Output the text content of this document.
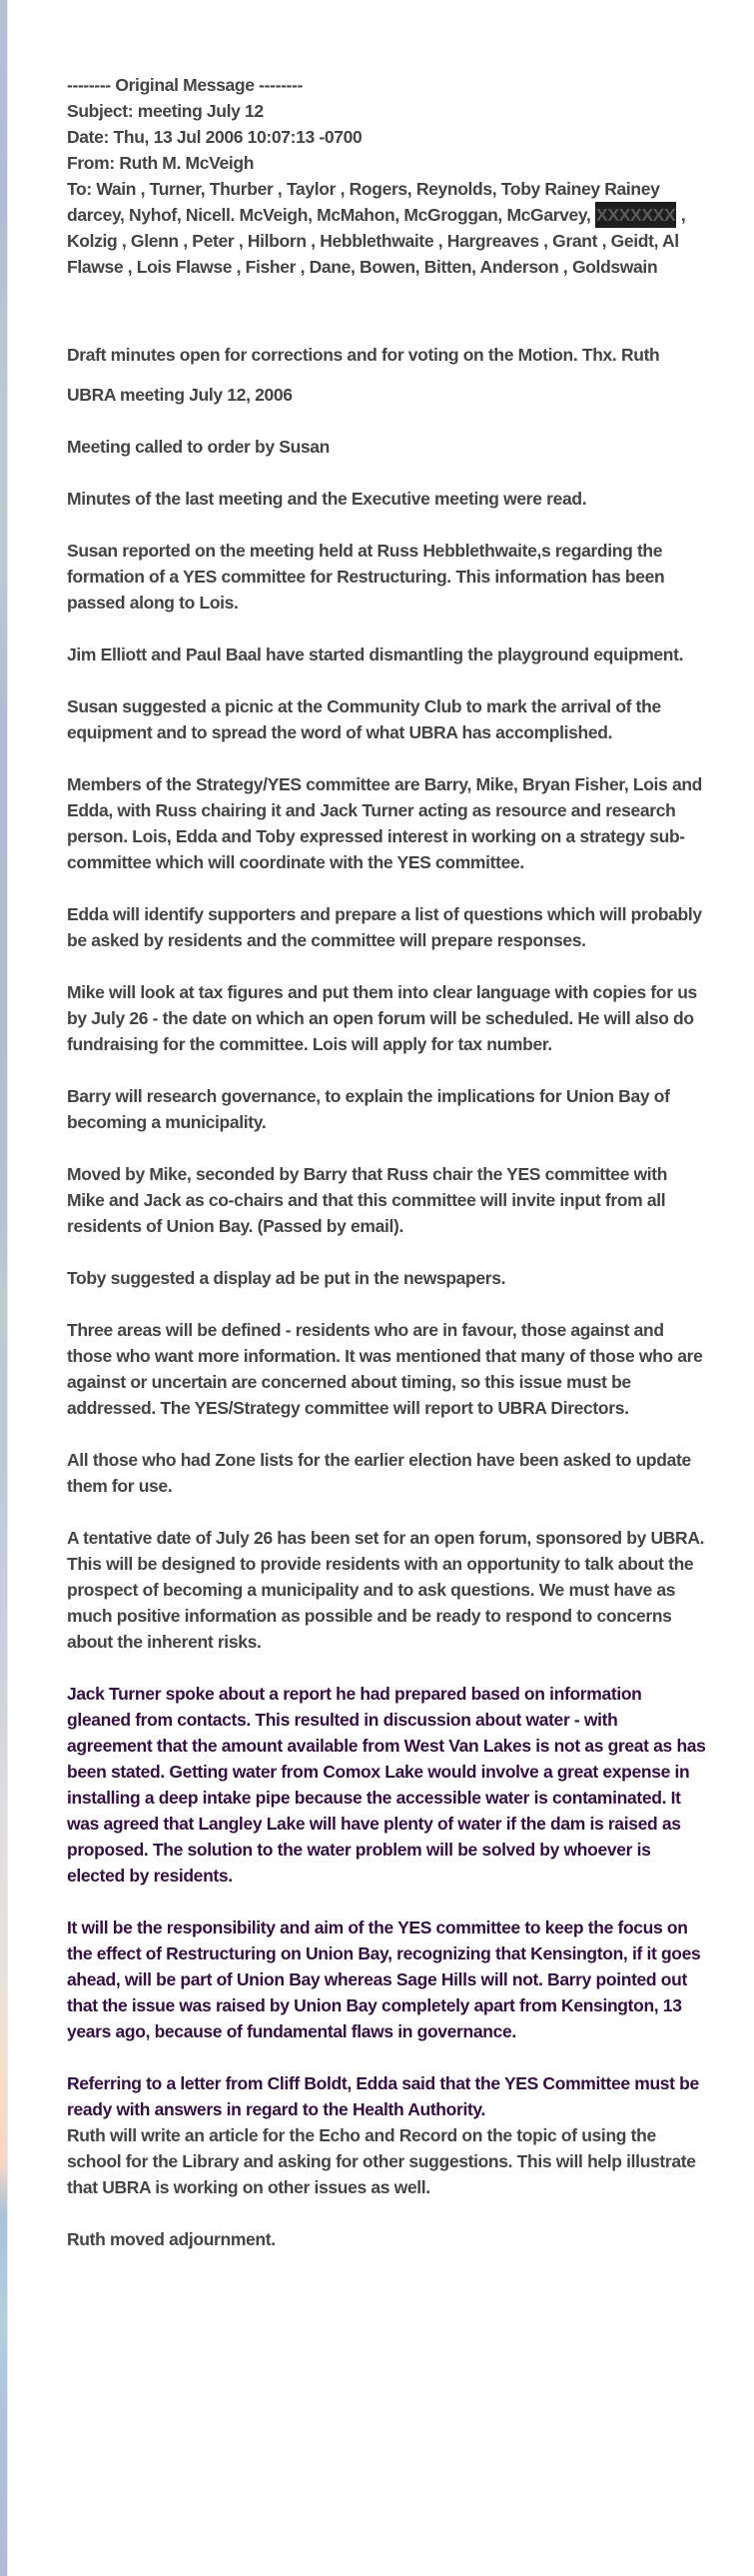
-------- Original Message --------

Subject: meeting July 12

Date: Thu, 13 Jul 2006 10:07:13 -0700

From: Ruth M. McVeigh

To: Wain , Turner, Thurber , Taylor , Rogers, Reynolds, Toby Rainey Rainey darcey, Nyhof, Nicell. McVeigh, McMahon, McGroggan, McGarvey, XXXXXXX , Kolzig , Glenn , Peter , Hilborn , Hebblethwaite , Hargreaves , Grant , Geidt, Al Flawse , Lois Flawse , Fisher , Dane, Bowen, Bitten, Anderson , Goldswain

Draft minutes open for corrections and for voting on the Motion. Thx. Ruth

UBRA meeting July 12, 2006

Meeting called to order by Susan

Minutes of the last meeting and the Executive meeting were read.

Susan reported on the meeting held at Russ Hebblethwaite,s regarding the formation of a YES committee for Restructuring. This information has been passed along to Lois.

Jim Elliott and Paul Baal have started dismantling the playground equipment.

Susan suggested a picnic at the Community Club to mark the arrival of the equipment and to spread the word of what UBRA has accomplished.

Members of the Strategy/YES committee are Barry, Mike, Bryan Fisher, Lois and Edda, with Russ chairing it and Jack Turner acting as resource and research person. Lois, Edda and Toby expressed interest in working on a strategy sub-committee which will coordinate with the YES committee.

Edda will identify supporters and prepare a list of questions which will probably be asked by residents and the committee will prepare responses.

Mike will look at tax figures and put them into clear language with copies for us by July 26 - the date on which an open forum will be scheduled. He will also do fundraising for the committee. Lois will apply for tax number.

Barry will research governance, to explain the implications for Union Bay of becoming a municipality.

Moved by Mike, seconded by Barry that Russ chair the YES committee with Mike and Jack as co-chairs and that this committee will invite input from all residents of Union Bay. (Passed by email).

Toby suggested a display ad be put in the newspapers.

Three areas will be defined - residents who are in favour, those against and those who want more information. It was mentioned that many of those who are against or uncertain are concerned about timing, so this issue must be addressed. The YES/Strategy committee will report to UBRA Directors.

All those who had Zone lists for the earlier election have been asked to update them for use.

A tentative date of July 26 has been set for an open forum, sponsored by UBRA. This will be designed to provide residents with an opportunity to talk about the prospect of becoming a municipality and to ask questions. We must have as much positive information as possible and be ready to respond to concerns about the inherent risks.

Jack Turner spoke about a report he had prepared based on information gleaned from contacts. This resulted in discussion about water - with agreement that the amount available from West Van Lakes is not as great as has been stated. Getting water from Comox Lake would involve a great expense in installing a deep intake pipe because the accessible water is contaminated. It was agreed that Langley Lake will have plenty of water if the dam is raised as proposed. The solution to the water problem will be solved by whoever is elected by residents.

It will be the responsibility and aim of the YES committee to keep the focus on the effect of Restructuring on Union Bay, recognizing that Kensington, if it goes ahead, will be part of Union Bay whereas Sage Hills will not. Barry pointed out that the issue was raised by Union Bay completely apart from Kensington, 13 years ago, because of fundamental flaws in governance.

Referring to a letter from Cliff Boldt, Edda said that the YES Committee must be ready with answers in regard to the Health Authority.

Ruth will write an article for the Echo and Record on the topic of using the school for the Library and asking for other suggestions. This will help illustrate that UBRA is working on other issues as well.

Ruth moved adjournment.
